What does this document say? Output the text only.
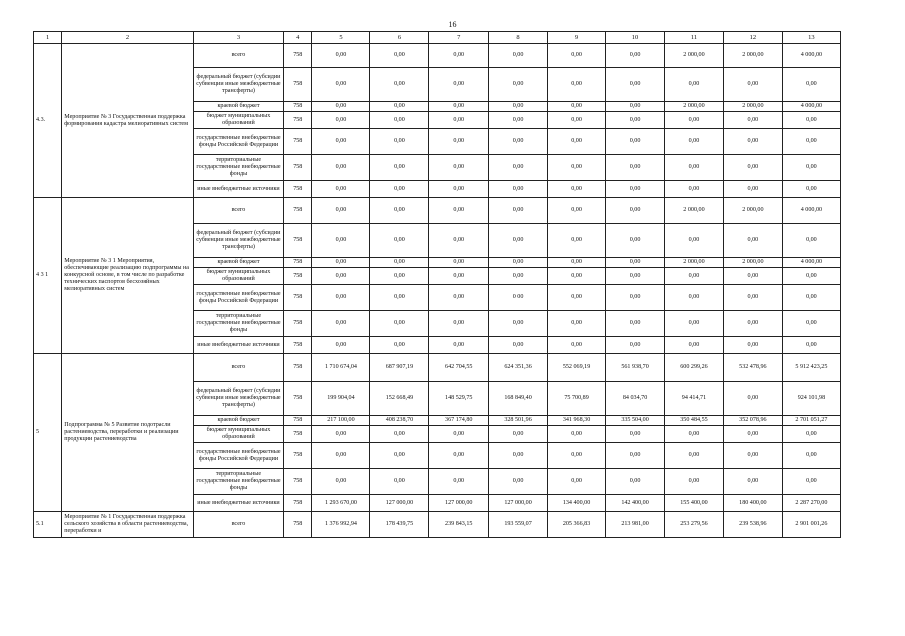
16
1	2	3	4	5	6	7	8	9	10	11	12	13
4.3.	Мероприятие № 3 Государственная поддержка формирования кадастра мелиоративных систем	всего	758	0,00	0,00	0,00	0,00	0,00	0,00	2 000,00	2 000,00	4 000,00
		федеральный бюджет (субсидии субвенции иные межбюджетные трансферты)	758	0,00	0,00	0,00	0,00	0,00	0,00	0,00	0,00	0,00
		краевой бюджет	758	0,00	0,00	0,00	0,00	0,00	0,00	2 000,00	2 000,00	4 000,00
		бюджет муниципальных образований	758	0,00	0,00	0,00	0,00	0,00	0,00	0,00	0,00	0,00
		государственные внебюджетные фонды Российской Федерации	758	0,00	0,00	0,00	0,00	0,00	0,00	0,00	0,00	0,00
		территориальные государственные внебюджетные фонды	758	0,00	0,00	0,00	0,00	0,00	0,00	0,00	0,00	0,00
		иные внебюджетные источники	758	0,00	0,00	0,00	0,00	0,00	0,00	0,00	0,00	0,00
4 3 1	Мероприятие № 3 1 Мероприятия, обеспечивающие реализацию подпрограммы на конкурсной основе, в том числе по разработке технических паспортов бесхозяйных мелиоративных систем	всего	758	0,00	0,00	0,00	0,00	0,00	0,00	2 000,00	2 000,00	4 000,00
		федеральный бюджет (субсидии субвенции иные межбюджетные трансферты)	758	0,00	0,00	0,00	0,00	0,00	0,00	0,00	0,00	0,00
		краевой бюджет	758	0,00	0,00	0,00	0,00	0,00	0,00	2 000,00	2 000,00	4 000,00
		бюджет муниципальных образований	758	0,00	0,00	0,00	0,00	0,00	0,00	0,00	0,00	0,00
		государственные внебюджетные фонды Российской Федерации	758	0,00	0,00	0,00	0 00	0,00	0,00	0,00	0,00	0,00
		территориальные государственные внебюджетные фонды	758	0,00	0,00	0,00	0,00	0,00	0,00	0,00	0,00	0,00
		иные внебюджетные источники	758	0,00	0,00	0,00	0,00	0,00	0,00	0,00	0,00	0,00
5	Подпрограмма № 5 Развитие подотрасли растениеводства, переработки и реализации продукции растениеводства	всего	758	1 710 674,04	687 907,19	642 704,55	624 351,36	552 069,19	561 938,70	600 299,26	532 478,96	5 912 423,25
		федеральный бюджет (субсидии субвенции иные межбюджетные трансферты)	758	199 904,04	152 668,49	148 529,75	168 849,40	75 700,89	84 034,70	94 414,71	0,00	924 101,98
		краевой бюджет	758	217 100,00	408 238,70	367 174,80	328 501,96	341 968,30	335 504,00	350 484,55	352 078,96	2 701 051,27
		бюджет муниципальных образований	758	0,00	0,00	0,00	0,00	0,00	0,00	0,00	0,00	0,00
		государственные внебюджетные фонды Российской Федерации	758	0,00	0,00	0,00	0,00	0,00	0,00	0,00	0,00	0,00
		территориальные государственные внебюджетные фонды	758	0,00	0,00	0,00	0,00	0,00	0,00	0,00	0,00	0,00
		иные внебюджетные источники	758	1 293 670,00	127 000,00	127 000,00	127 000,00	134 400,00	142 400,00	155 400,00	180 400,00	2 287 270,00
5.1	Мероприятие № 1 Государственная поддержка сельского хозяйства в области растениеводства, переработки и	всего	758	1 376 992,94	178 439,75	239 843,15	193 559,07	205 366,83	213 981,00	253 279,56	239 538,96	2 901 001,26
